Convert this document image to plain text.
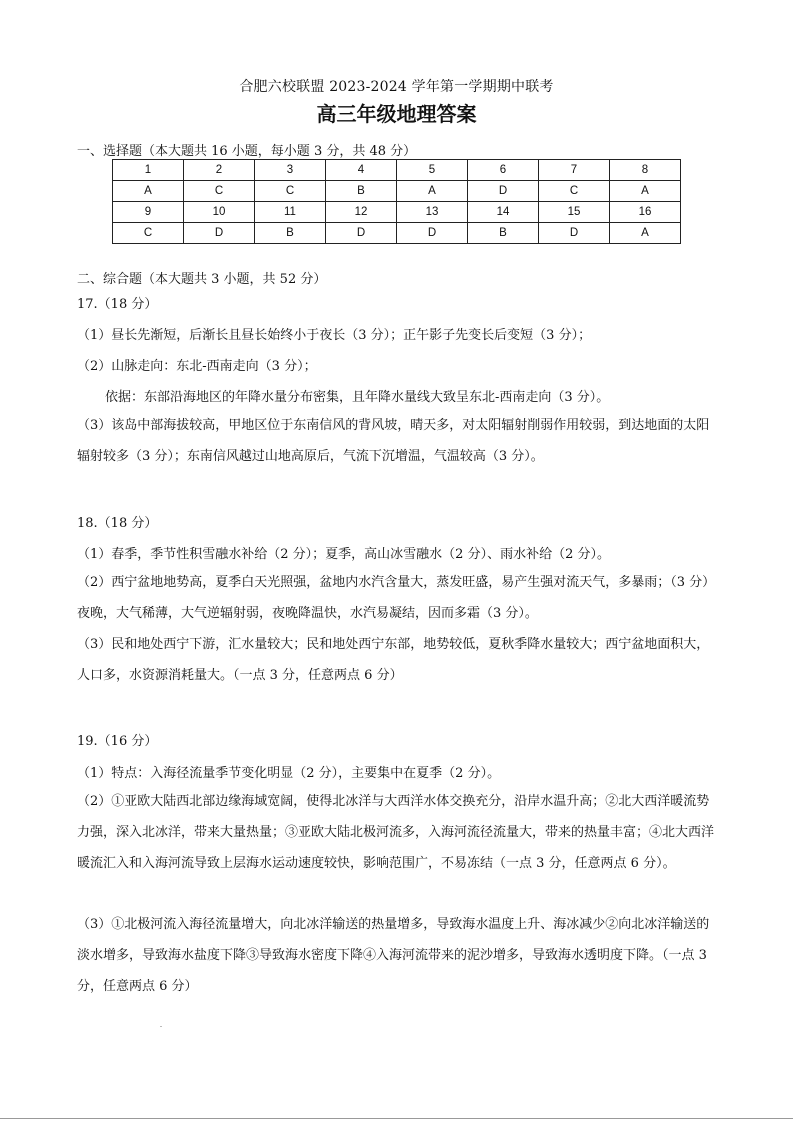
合肥六校联盟 2023-2024 学年第一学期期中联考
高三年级地理答案
一、选择题（本大题共 16 小题，每小题 3 分，共 48 分）
1	2	3	4	5	6	7	8
A	C	C	B	A	D	C	A
9	10	11	12	13	14	15	16
C	D	B	D	D	B	D	A
二、综合题（本大题共 3 小题，共 52 分）
17.（18 分）
（1）昼长先渐短，后渐长且昼长始终小于夜长（3 分）；正午影子先变长后变短（3 分）；
（2）山脉走向：东北-西南走向（3 分）；
依据：东部沿海地区的年降水量分布密集，且年降水量线大致呈东北-西南走向（3 分）。
（3）该岛中部海拔较高，甲地区位于东南信风的背风坡，晴天多，对太阳辐射削弱作用较弱，到达地面的太阳辐射较多（3 分）；东南信风越过山地高原后，气流下沉增温，气温较高（3 分）。
18.（18 分）
（1）春季，季节性积雪融水补给（2 分）；夏季，高山冰雪融水（2 分）、雨水补给（2 分）。
（2）西宁盆地地势高，夏季白天光照强，盆地内水汽含量大，蒸发旺盛，易产生强对流天气，多暴雨；（3 分）夜晚，大气稀薄，大气逆辐射弱，夜晚降温快，水汽易凝结，因而多霜（3 分）。
（3）民和地处西宁下游，汇水量较大；民和地处西宁东部，地势较低，夏秋季降水量较大；西宁盆地面积大，人口多，水资源消耗量大。（一点 3 分，任意两点 6 分）
19.（16 分）
（1）特点：入海径流量季节变化明显（2 分），主要集中在夏季（2 分）。
（2）①亚欧大陆西北部边缘海域宽阔，使得北冰洋与大西洋水体交换充分，沿岸水温升高；②北大西洋暖流势力强，深入北冰洋，带来大量热量；③亚欧大陆北极河流多，入海河流径流量大，带来的热量丰富；④北大西洋暖流汇入和入海河流导致上层海水运动速度较快，影响范围广，不易冻结（一点 3 分，任意两点 6 分）。
（3）①北极河流入海径流量增大，向北冰洋输送的热量增多，导致海水温度上升、海冰减少②向北冰洋输送的淡水增多，导致海水盐度下降③导致海水密度下降④入海河流带来的泥沙增多，导致海水透明度下降。（一点 3 分，任意两点 6 分）
